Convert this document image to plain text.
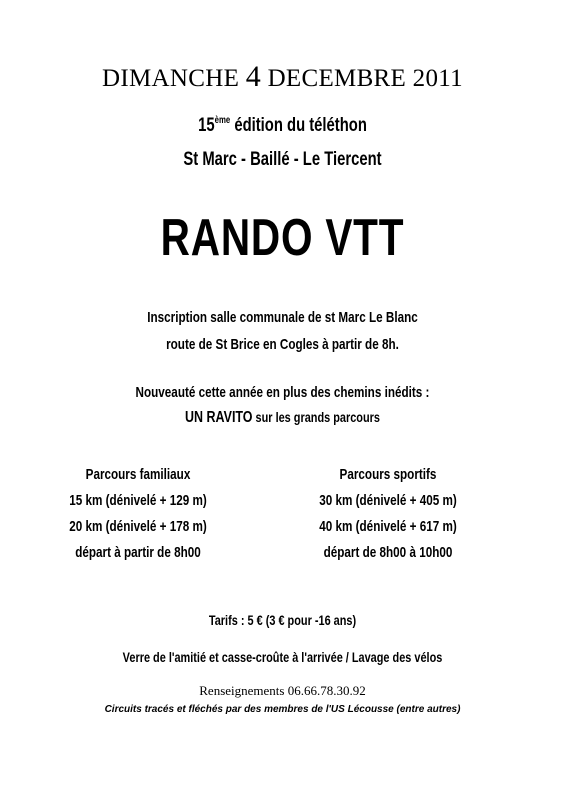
DIMANCHE 4 DECEMBRE 2011
15ème édition du téléthon
St Marc - Baillé - Le Tiercent
RANDO VTT
Inscription salle communale de st Marc Le Blanc
route de St Brice en Cogles à partir de 8h.
Nouveauté cette année en plus des chemins inédits :
UN RAVITO sur les grands parcours
Parcours familiaux
15 km (dénivelé + 129 m)
20 km (dénivelé + 178 m)
départ à partir de 8h00
Parcours sportifs
30 km (dénivelé + 405 m)
40 km (dénivelé + 617 m)
départ de 8h00 à 10h00
Tarifs : 5 € (3 € pour -16 ans)
Verre de l'amitié et casse-croûte à l'arrivée / Lavage des vélos
Renseignements 06.66.78.30.92
Circuits tracés et fléchés par des membres de l'US Lécousse (entre autres)
